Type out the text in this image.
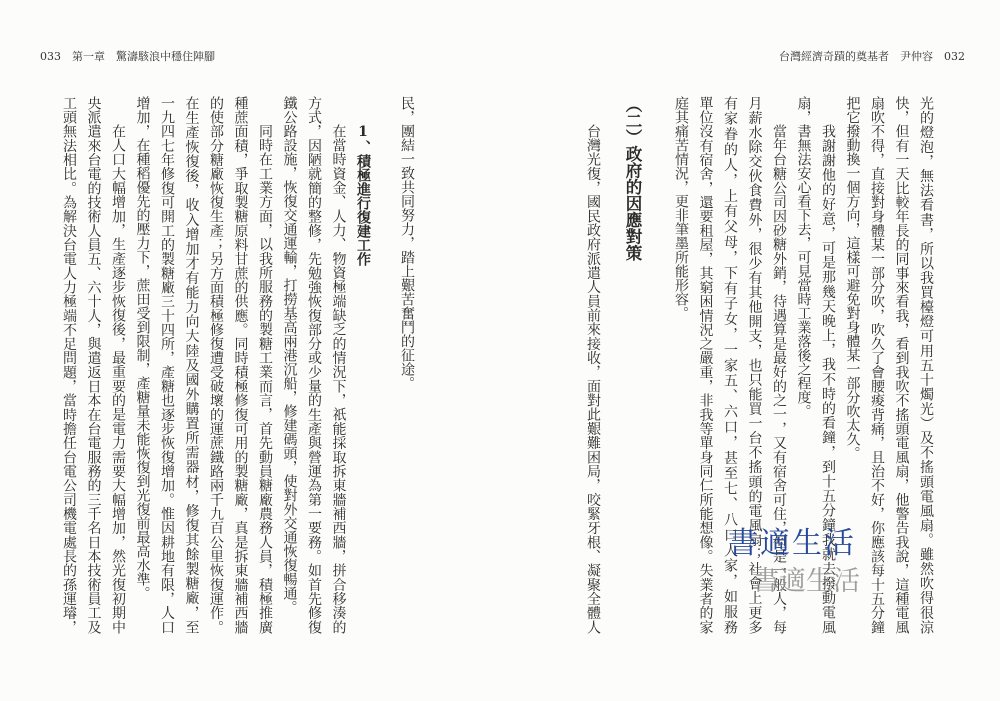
033　第一章　驚濤駭浪中穩住陣腳	台灣經濟奇蹟的奠基者　尹仲容　032
光的燈泡，無法看書，所以我買檯燈可用五十燭光）及不搖頭電風扇。雖然吹得很涼
快，但有一天比較年長的同事來看我，看到我吹不搖頭電風扇，他警告我說，這種電風
扇吹不得，直接對身體某一部分吹，吹久了會腰痠背痛，且治不好，你應該每十五分鐘
把它撥動換一個方向，這樣可避免對身體某一部分吹太久。
我謝謝他的好意，可是那幾天晚上，我不時的看鐘，到十五分鐘我就去撥動電風
扇，書無法安心看下去，可見當時工業落後之程度。
當年台糖公司因砂糖外銷，待遇算是最好的之一，又有宿舍可住，但是一般人，每
月薪水除交伙食費外，很少有其他開支，也只能買一台不搖頭的電風扇；社會上更多
有家眷的人，上有父母，下有子女，一家五、六口，甚至七、八口人家，如服務
單位沒有宿舍，還要租屋，其窮困情況之嚴重，非我等單身同仁所能想像。失業者的家
庭其痛苦情況，更非筆墨所能形容。
（二）政府的因應對策
台灣光復，國民政府派遣人員前來接收，面對此艱難困局，咬緊牙根、凝聚全體人
民，團結一致共同努力，踏上艱苦奮鬥的征途。
1、積極進行復建工作
在當時資金、人力、物資極端缺乏的情況下，祇能採取拆東牆補西牆，拼合移湊的
方式，因陋就簡的整修，先勉強恢復部分或少量的生產與營運為第一要務。如首先修復
鐵公路設施，恢復交通運輸，打撈基高兩港沉船，修建碼頭，使對外交通恢復暢通。
同時在工業方面，以我所服務的製糖工業而言，首先動員糖廠農務人員，積極推廣
種蔗面積，爭取製糖原料甘蔗的供應。同時積極修復可用的製糖廠，真是拆東牆補西牆
的使部分糖廠恢復生產；另方面積極修復遭受破壞的運蔗鐵路兩千九百公里恢復運作。
在生產恢復後，收入增加才有能力向大陸及國外購置所需器材，修復其餘製糖廠，至
一九四七年修復可開工的製糖廠三十四所，產糖也逐步恢復增加。惟因耕地有限，人口
增加，在種稻優先的壓力下，蔗田受到限制，產糖量未能恢復到光復前最高水準。
在人口大幅增加，生產逐步恢復後，最重要的是電力需要大幅增加，然光復初期中
央派遣來台電的技術人員五、六十人，與遣返日本在台電服務的三千名日本技術員工及
工頭無法相比。為解決台電人力極端不足問題，當時擔任台電公司機電處長的孫運璿，	書適生活
書適生活
